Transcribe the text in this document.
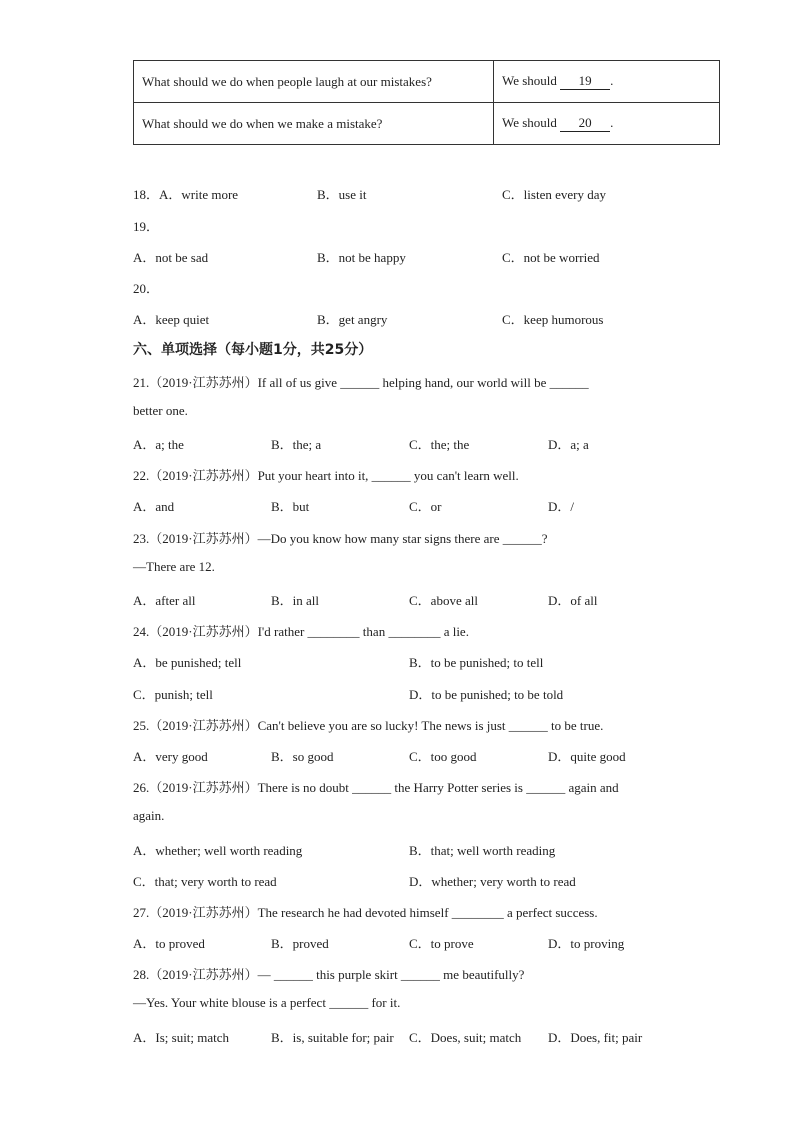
What should we do when people laugh at our mistakes?	We should 19 .
What should we do when we make a mistake?	We should 20 .
18．A．write more	B．use it	C．listen every day
19．
A．not be sad	B．not be happy	C．not be worried
20．
A．keep quiet	B．get angry	C．keep humorous
六、单项选择（每小题1分，共25分）
21.（2019·江苏苏州）If all of us give ______ helping hand, our world will be ______
better one.
A．a; the	B．the; a	C．the; the	D．a; a
22.（2019·江苏苏州）Put your heart into it, ______ you can't learn well.
A．and	B．but	C．or	D．/
23.（2019·江苏苏州）—Do you know how many star signs there are ______?
—There are 12.
A．after all	B．in all	C．above all	D．of all
24.（2019·江苏苏州）I'd rather ________ than ________ a lie.
A．be punished; tell	B．to be punished; to tell
C．punish; tell	D．to be punished; to be told
25.（2019·江苏苏州）Can't believe you are so lucky! The news is just ______ to be true.
A．very good	B．so good	C．too good	D．quite good
26.（2019·江苏苏州）There is no doubt ______ the Harry Potter series is ______ again and
again.
A．whether; well worth reading	B．that; well worth reading
C．that; very worth to read	D．whether; very worth to read
27.（2019·江苏苏州）The research he had devoted himself ________ a perfect success.
A．to proved	B．proved	C．to prove	D．to proving
28.（2019·江苏苏州）— ______ this purple skirt ______ me beautifully?
—Yes. Your white blouse is a perfect ______ for it.
A．Is; suit; match	B．is, suitable for; pair C．Does, suit; match D．Does, fit; pair
